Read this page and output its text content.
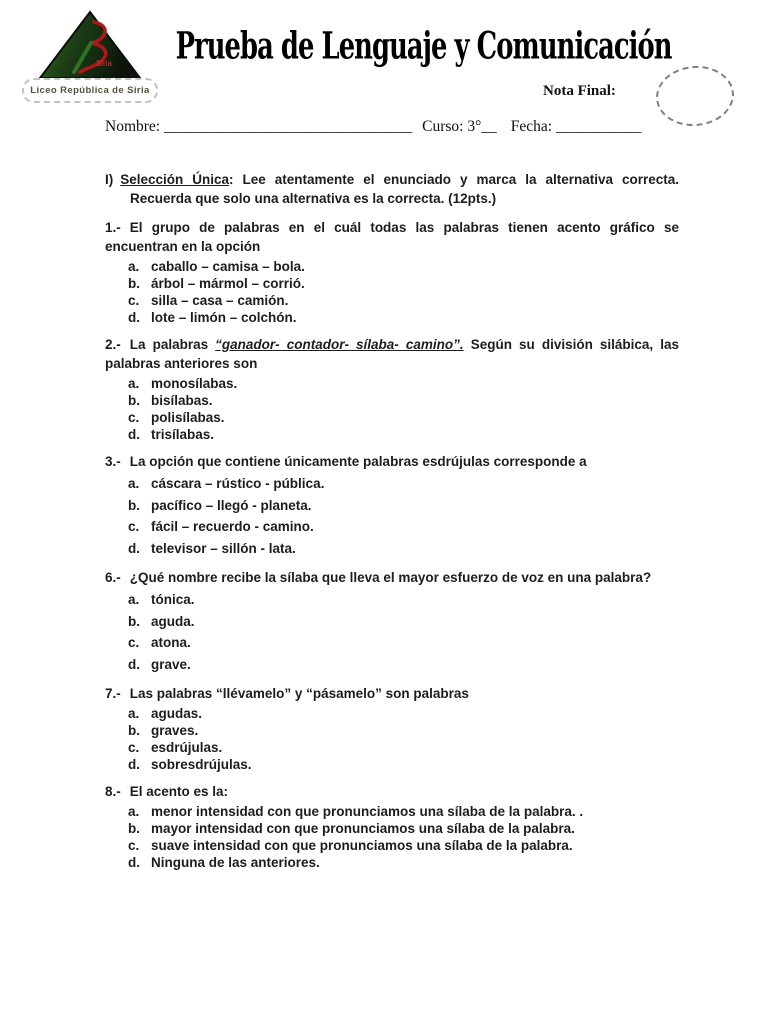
Siria
Liceo República de Siria
Prueba de Lenguaje y Comunicación
Nota Final:
Nombre: ________________________________ Curso: 3°__ Fecha: ___________

I) Selección Única: Lee atentamente el enunciado y marca la alternativa correcta. Recuerda que solo una alternativa es la correcta. (12pts.)

1.- El grupo de palabras en el cuál todas las palabras tienen acento gráfico se encuentran en la opción

a. caballo – camisa – bola.
b. árbol – mármol – corrió.
c. silla – casa – camión.
d. lote – limón – colchón.

2.- La palabras “ganador- contador- sílaba- camino”. Según su división silábica, las palabras anteriores son

a. monosílabas.
b. bisílabas.
c. polisílabas.
d. trisílabas.

3.- La opción que contiene únicamente palabras esdrújulas corresponde a

a. cáscara – rústico - pública.
b. pacífico – llegó - planeta.
c. fácil – recuerdo - camino.
d. televisor – sillón - lata.

6.- ¿Qué nombre recibe la sílaba que lleva el mayor esfuerzo de voz en una palabra?

a. tónica.
b. aguda.
c. atona.
d. grave.

7.- Las palabras “llévamelo” y “pásamelo” son palabras

a. agudas.
b. graves.
c. esdrújulas.
d. sobresdrújulas.

8.- El acento es la:

a. menor intensidad con que pronunciamos una sílaba de la palabra. .
b. mayor intensidad con que pronunciamos una sílaba de la palabra.
c. suave intensidad con que pronunciamos una sílaba de la palabra.
d. Ninguna de las anteriores.
